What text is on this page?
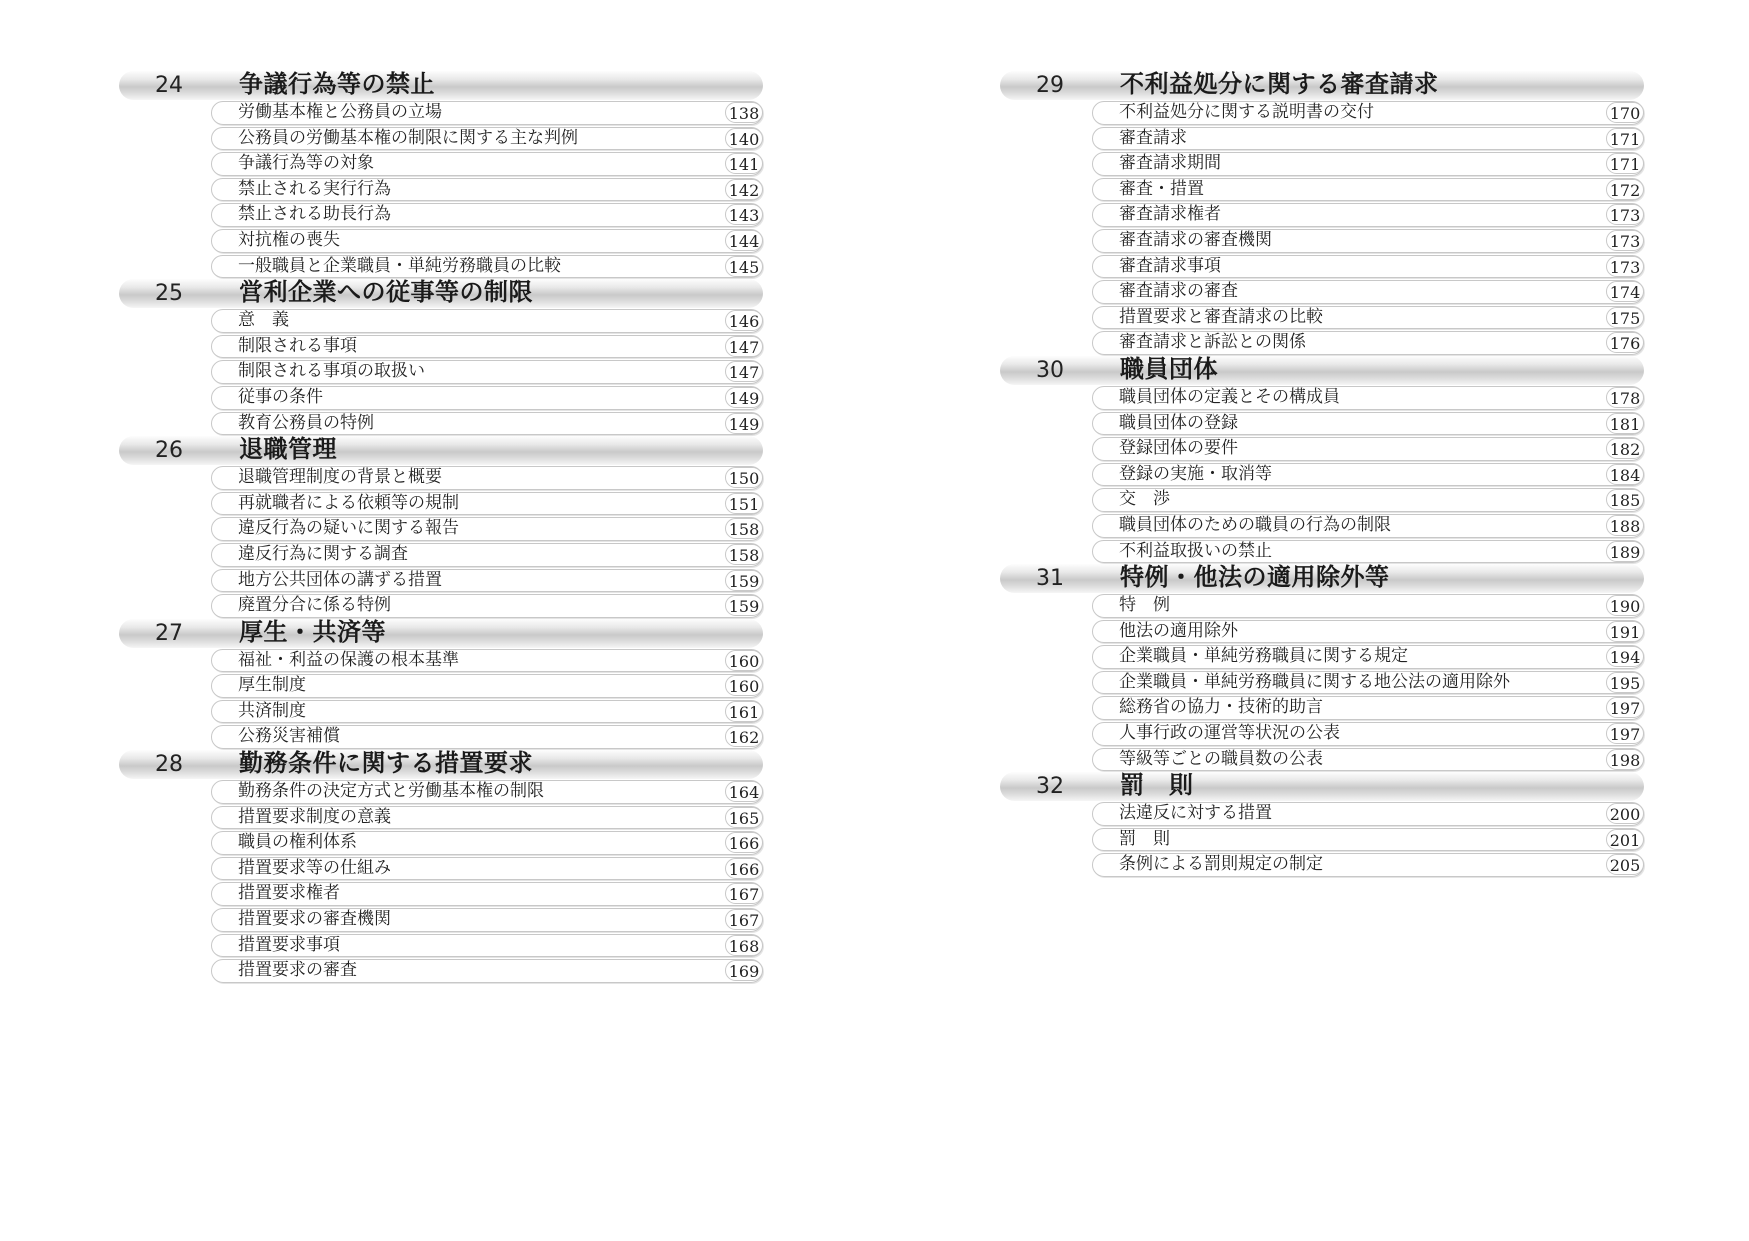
24	争議行為等の禁止
労働基本権と公務員の立場	138
公務員の労働基本権の制限に関する主な判例	140
争議行為等の対象	141
禁止される実行行為	142
禁止される助長行為	143
対抗権の喪失	144
一般職員と企業職員・単純労務職員の比較	145
25	営利企業への従事等の制限
意　義	146
制限される事項	147
制限される事項の取扱い	147
従事の条件	149
教育公務員の特例	149
26	退職管理
退職管理制度の背景と概要	150
再就職者による依頼等の規制	151
違反行為の疑いに関する報告	158
違反行為に関する調査	158
地方公共団体の講ずる措置	159
廃置分合に係る特例	159
27	厚生・共済等
福祉・利益の保護の根本基準	160
厚生制度	160
共済制度	161
公務災害補償	162
28	勤務条件に関する措置要求
勤務条件の決定方式と労働基本権の制限	164
措置要求制度の意義	165
職員の権利体系	166
措置要求等の仕組み	166
措置要求権者	167
措置要求の審査機関	167
措置要求事項	168
措置要求の審査	169
29	不利益処分に関する審査請求
不利益処分に関する説明書の交付	170
審査請求	171
審査請求期間	171
審査・措置	172
審査請求権者	173
審査請求の審査機関	173
審査請求事項	173
審査請求の審査	174
措置要求と審査請求の比較	175
審査請求と訴訟との関係	176
30	職員団体
職員団体の定義とその構成員	178
職員団体の登録	181
登録団体の要件	182
登録の実施・取消等	184
交　渉	185
職員団体のための職員の行為の制限	188
不利益取扱いの禁止	189
31	特例・他法の適用除外等
特　例	190
他法の適用除外	191
企業職員・単純労務職員に関する規定	194
企業職員・単純労務職員に関する地公法の適用除外	195
総務省の協力・技術的助言	197
人事行政の運営等状況の公表	197
等級等ごとの職員数の公表	198
32	罰　則
法違反に対する措置	200
罰　則	201
条例による罰則規定の制定	205
